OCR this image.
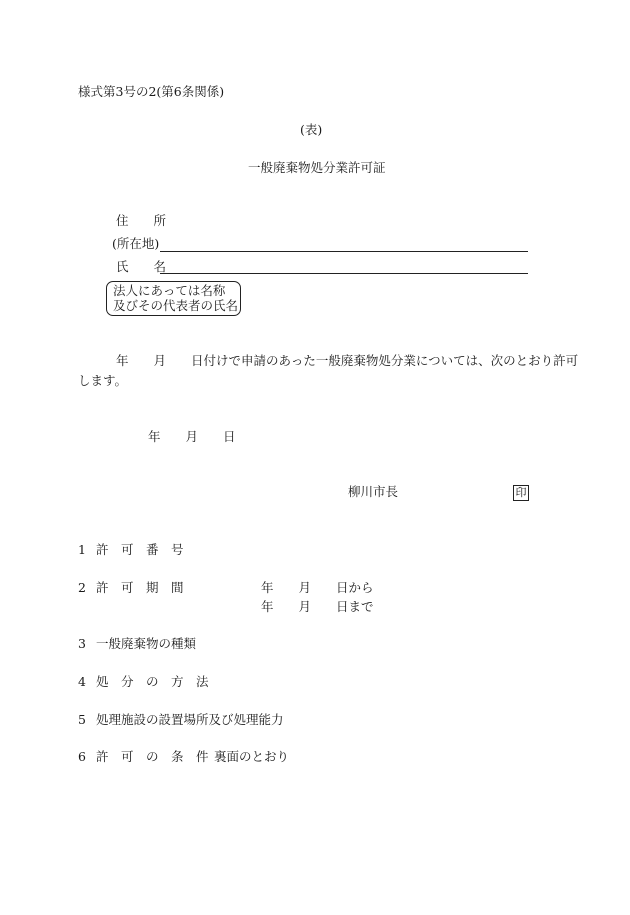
様式第3号の2(第6条関係)
(表)
一般廃棄物処分業許可証
住　　所
(所在地)
氏　　名
法人にあっては名称
及びその代表者の氏名
年　　月　　日付けで申請のあった一般廃棄物処分業については、次のとおり許可
します。
年　　月　　日
柳川市長	印
1 許　可　番　号
2 許　可　期　間	年　　月　　日から
年　　月　　日まで
3 一般廃棄物の種類
4 処　分　の　方　法
5 処理施設の設置場所及び処理能力
6 許　可　の　条　件 裏面のとおり
